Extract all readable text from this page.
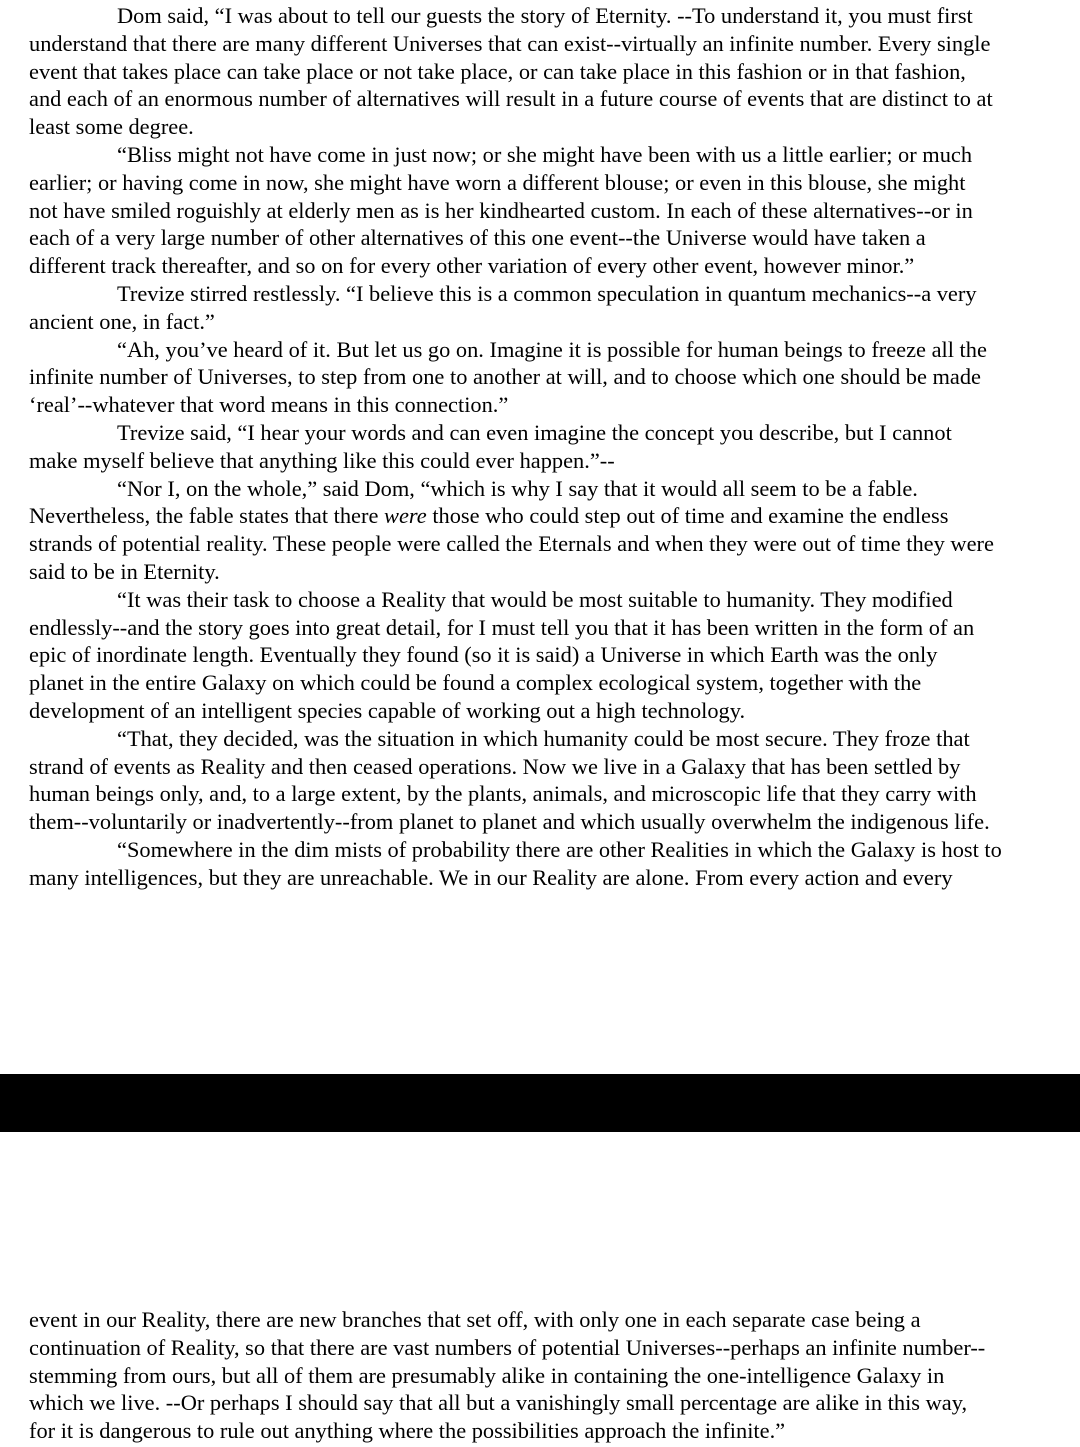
Dom said, “I was about to tell our guests the story of Eternity. --To understand it, you must first
understand that there are many different Universes that can exist--virtually an infinite number. Every single
event that takes place can take place or not take place, or can take place in this fashion or in that fashion,
and each of an enormous number of alternatives will result in a future course of events that are distinct to at
least some degree.
“Bliss might not have come in just now; or she might have been with us a little earlier; or much
earlier; or having come in now, she might have worn a different blouse; or even in this blouse, she might
not have smiled roguishly at elderly men as is her kindhearted custom. In each of these alternatives--or in
each of a very large number of other alternatives of this one event--the Universe would have taken a
different track thereafter, and so on for every other variation of every other event, however minor.”
Trevize stirred restlessly. “I believe this is a common speculation in quantum mechanics--a very
ancient one, in fact.”
“Ah, you’ve heard of it. But let us go on. Imagine it is possible for human beings to freeze all the
infinite number of Universes, to step from one to another at will, and to choose which one should be made
‘real’--whatever that word means in this connection.”
Trevize said, “I hear your words and can even imagine the concept you describe, but I cannot
make myself believe that anything like this could ever happen.”--
“Nor I, on the whole,” said Dom, “which is why I say that it would all seem to be a fable.
Nevertheless, the fable states that there were those who could step out of time and examine the endless
strands of potential reality. These people were called the Eternals and when they were out of time they were
said to be in Eternity.
“It was their task to choose a Reality that would be most suitable to humanity. They modified
endlessly--and the story goes into great detail, for I must tell you that it has been written in the form of an
epic of inordinate length. Eventually they found (so it is said) a Universe in which Earth was the only
planet in the entire Galaxy on which could be found a complex ecological system, together with the
development of an intelligent species capable of working out a high technology.
“That, they decided, was the situation in which humanity could be most secure. They froze that
strand of events as Reality and then ceased operations. Now we live in a Galaxy that has been settled by
human beings only, and, to a large extent, by the plants, animals, and microscopic life that they carry with
them--voluntarily or inadvertently--from planet to planet and which usually overwhelm the indigenous life.
“Somewhere in the dim mists of probability there are other Realities in which the Galaxy is host to
many intelligences, but they are unreachable. We in our Reality are alone. From every action and every
event in our Reality, there are new branches that set off, with only one in each separate case being a
continuation of Reality, so that there are vast numbers of potential Universes--perhaps an infinite number--
stemming from ours, but all of them are presumably alike in containing the one-intelligence Galaxy in
which we live. --Or perhaps I should say that all but a vanishingly small percentage are alike in this way,
for it is dangerous to rule out anything where the possibilities approach the infinite.”
